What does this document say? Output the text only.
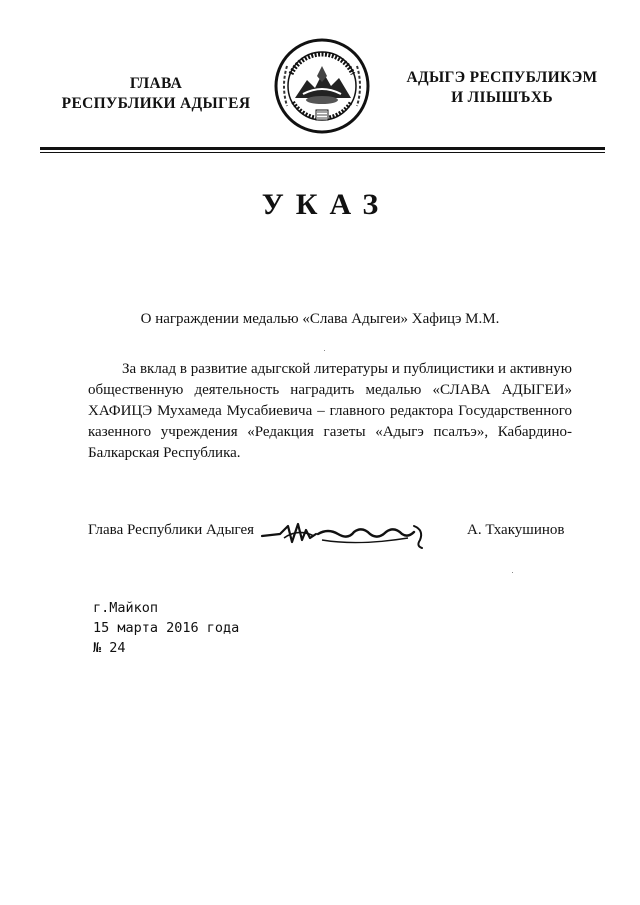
ГЛАВА
РЕСПУБЛИКИ АДЫГЕЯ
АДЫГЭ РЕСПУБЛИКЭМ
И ЛIЫШЪХЬ
УКАЗ
О награждении медалью «Слава Адыгеи» Хафицэ М.М.

За вклад в развитие адыгской литературы и публицистики и активную общественную деятельность наградить медалью «СЛАВА АДЫГЕИ» ХАФИЦЭ Мухамеда Мусабиевича – главного редактора Государственного казенного учреждения «Редакция газеты «Адыгэ псалъэ», Кабардино-Балкарская Республика.

Глава Республики Адыгея	А. Тхакушинов
г.Майкоп
15 марта 2016 года
№ 24
